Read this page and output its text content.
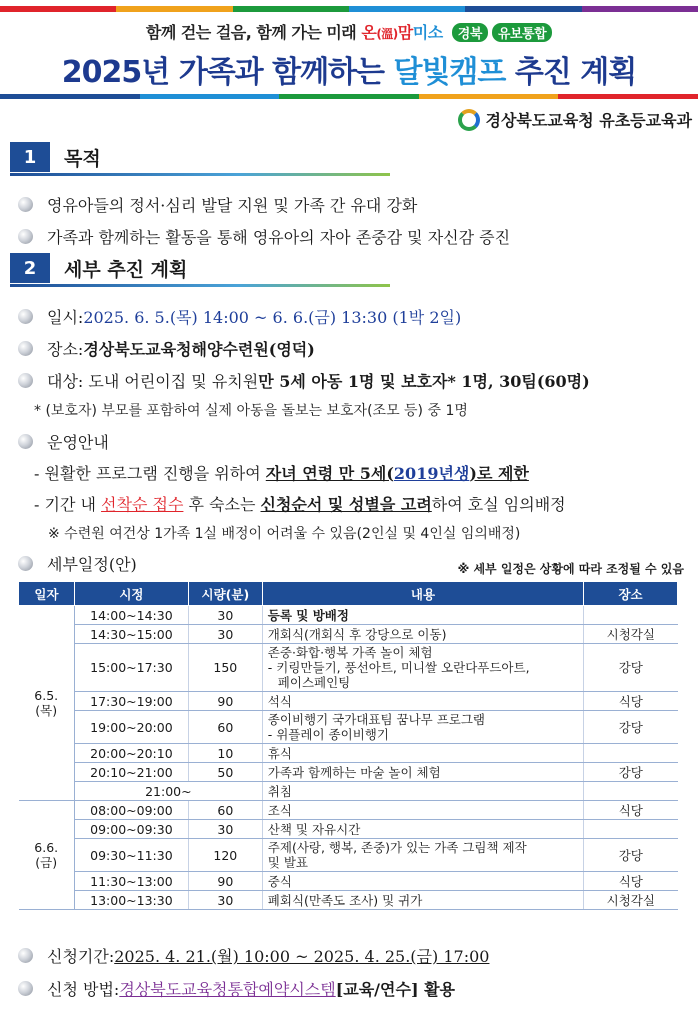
함께 걷는 걸음, 함께 가는 미래 온(溫)맘미소 경북 유보통합
2025년 가족과 함께하는 달빛캠프 추진 계획
경상북도교육청 유초등교육과
1	목적
영유아들의 정서·심리 발달 지원 및 가족 간 유대 강화
가족과 함께하는 활동을 통해 영유아의 자아 존중감 및 자신감 증진
2	세부 추진 계획
일시: 2025. 6. 5.(목) 14:00 ~ 6. 6.(금) 13:30 (1박 2일)
장소: 경상북도교육청해양수련원(영덕)
대상: 도내 어린이집 및 유치원 만 5세 아동 1명 및 보호자* 1명, 30팀(60명)
* (보호자) 부모를 포함하여 실제 아동을 돌보는 보호자(조모 등) 중 1명
운영안내
- 원활한 프로그램 진행을 위하여 자녀 연령 만 5세(2019년생)로 제한
- 기간 내 선착순 접수 후 숙소는 신청순서 및 성별을 고려하여 호실 임의배정
※ 수련원 여건상 1가족 1실 배정이 어려울 수 있음(2인실 및 4인실 임의배정)
세부일정(안)	※ 세부 일정은 상황에 따라 조정될 수 있음
일자	시정	시량(분)	내용	장소
6.5.
(목)	14:00~14:30	30	등록 및 방배정	
	14:30~15:00	30	개회식(개회식 후 강당으로 이동)	시청각실
	15:00~17:30	150	존중·화합·행복 가족 놀이 체험
- 키링만들기, 풍선아트, 미니쌀 오란다푸드아트,
페이스페인팅	강당
	17:30~19:00	90	석식	식당
	19:00~20:00	60	종이비행기 국가대표팀 꿈나무 프로그램
- 위플레이 종이비행기	강당
	20:00~20:10	10	휴식	
	20:10~21:00	50	가족과 함께하는 마술 놀이 체험	강당
	21:00~		취침	
6.6.
(금)	08:00~09:00	60	조식	식당
	09:00~09:30	30	산책 및 자유시간	
	09:30~11:30	120	주제(사랑, 행복, 존중)가 있는 가족 그림책 제작
및 발표	강당
	11:30~13:00	90	중식	식당
	13:00~13:30	30	폐회식(만족도 조사) 및 귀가	시청각실
신청기간: 2025. 4. 21.(월) 10:00 ~ 2025. 4. 25.(금) 17:00
신청 방법: 경상북도교육청통합예약시스템 [교육/연수] 활용
